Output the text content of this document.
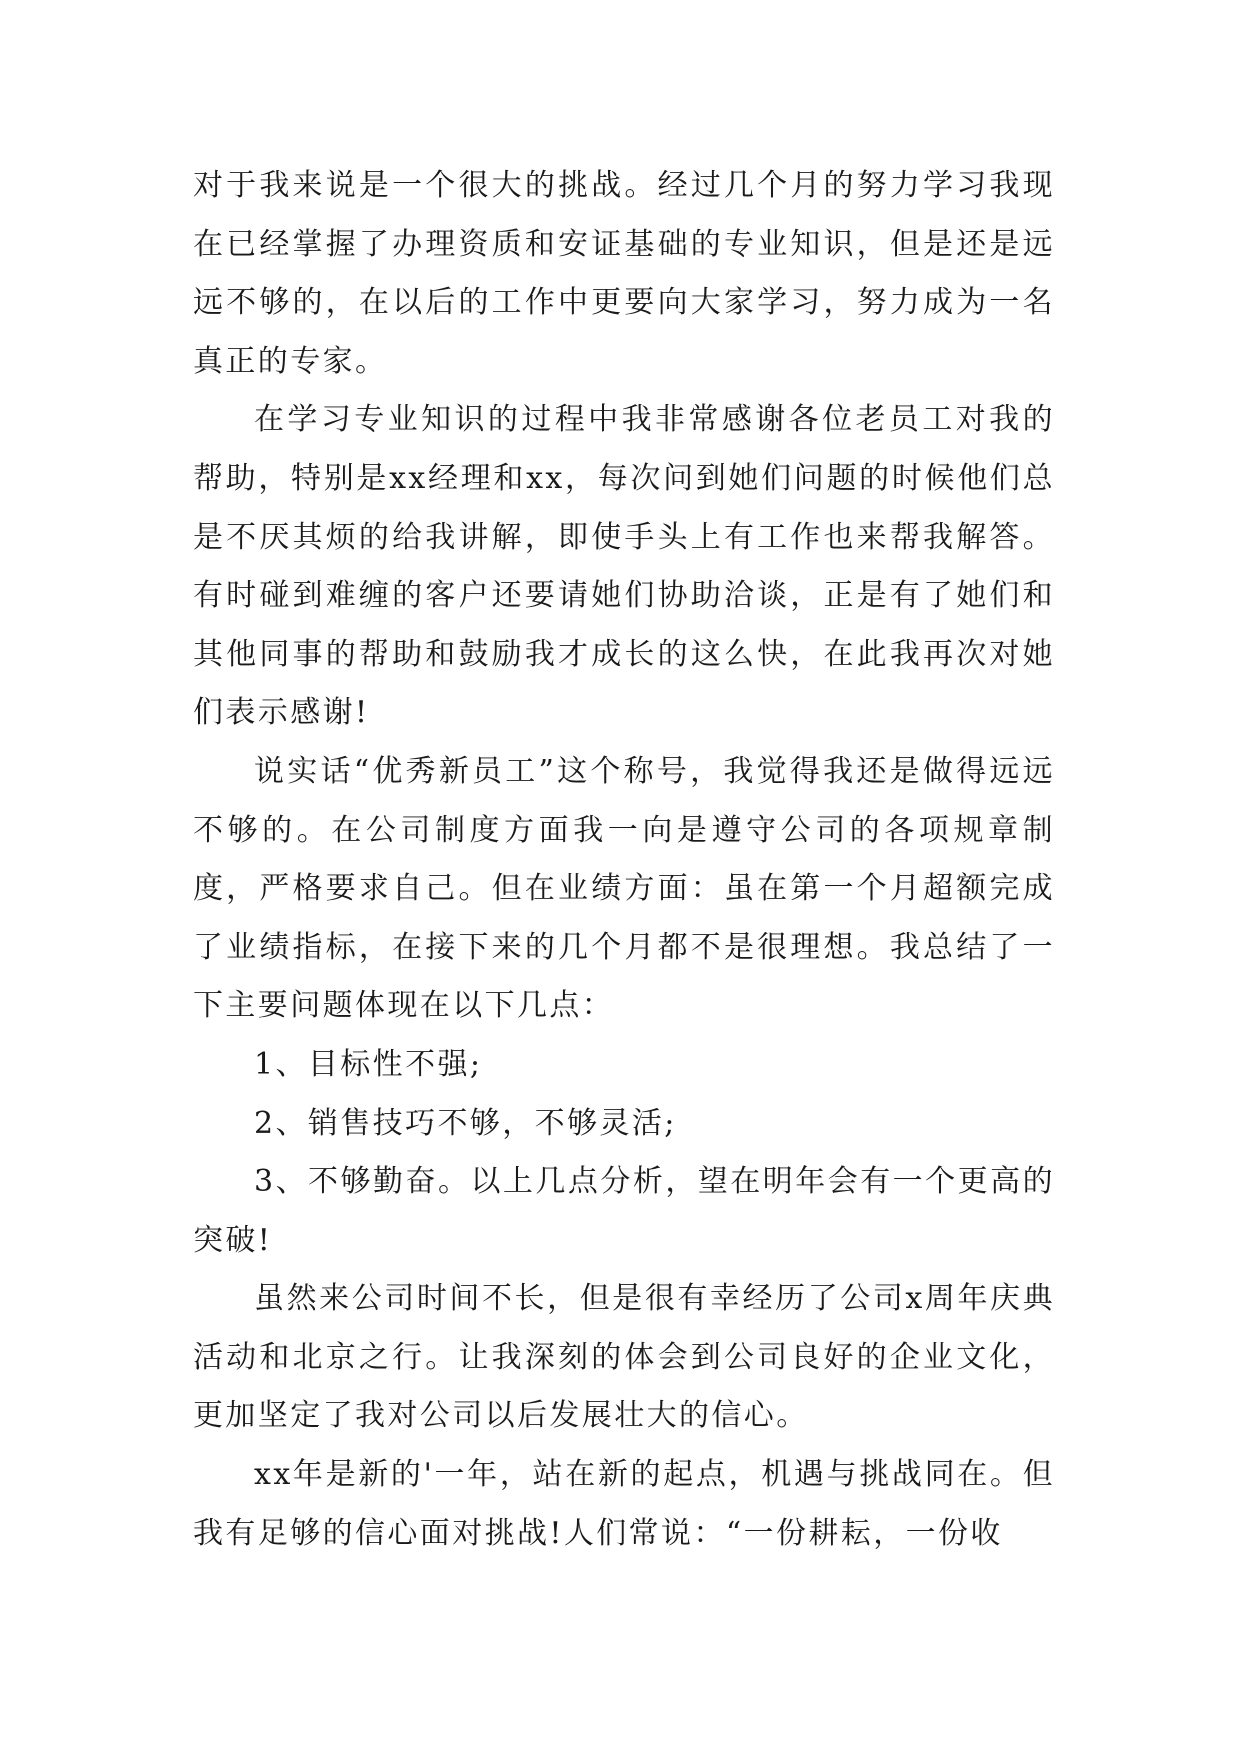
对于我来说是一个很大的挑战。经过几个月的努力学习我现在已经掌握了办理资质和安证基础的专业知识，但是还是远远不够的，在以后的工作中更要向大家学习，努力成为一名真正的专家。

在学习专业知识的过程中我非常感谢各位老员工对我的帮助，特别是xx经理和xx，每次问到她们问题的时候他们总是不厌其烦的给我讲解，即使手头上有工作也来帮我解答。有时碰到难缠的客户还要请她们协助洽谈，正是有了她们和其他同事的帮助和鼓励我才成长的这么快，在此我再次对她们表示感谢!

说实话“优秀新员工”这个称号，我觉得我还是做得远远不够的。在公司制度方面我一向是遵守公司的各项规章制度，严格要求自己。但在业绩方面：虽在第一个月超额完成了业绩指标，在接下来的几个月都不是很理想。我总结了一下主要问题体现在以下几点：

1、目标性不强;

2、销售技巧不够，不够灵活;

3、不够勤奋。以上几点分析，望在明年会有一个更高的突破!

虽然来公司时间不长，但是很有幸经历了公司x周年庆典活动和北京之行。让我深刻的体会到公司良好的企业文化，更加坚定了我对公司以后发展壮大的信心。

xx年是新的'一年，站在新的起点，机遇与挑战同在。但我有足够的信心面对挑战!人们常说：“一份耕耘，一份收
